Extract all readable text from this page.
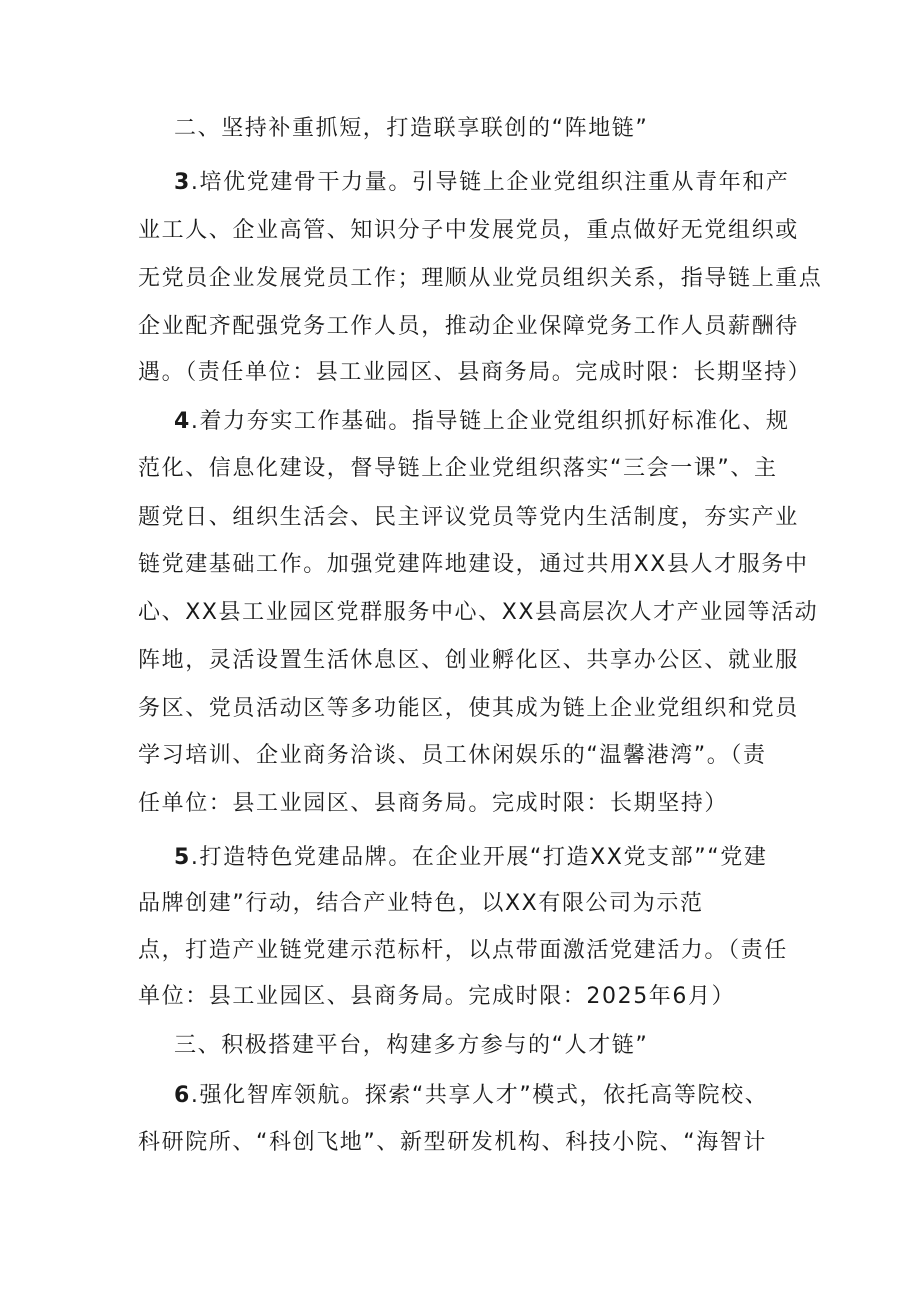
二、坚持补重抓短，打造联享联创的“阵地链”
3.培优党建骨干力量。引导链上企业党组织注重从青年和产
业工人、企业高管、知识分子中发展党员，重点做好无党组织或
无党员企业发展党员工作；理顺从业党员组织关系，指导链上重点
企业配齐配强党务工作人员，推动企业保障党务工作人员薪酬待
遇。（责任单位：县工业园区、县商务局。完成时限：长期坚持）
4.着力夯实工作基础。指导链上企业党组织抓好标准化、规
范化、信息化建设，督导链上企业党组织落实“三会一课”、主
题党日、组织生活会、民主评议党员等党内生活制度，夯实产业
链党建基础工作。加强党建阵地建设，通过共用XX县人才服务中
心、XX县工业园区党群服务中心、XX县高层次人才产业园等活动
阵地，灵活设置生活休息区、创业孵化区、共享办公区、就业服
务区、党员活动区等多功能区，使其成为链上企业党组织和党员
学习培训、企业商务洽谈、员工休闲娱乐的“温馨港湾”。（责
任单位：县工业园区、县商务局。完成时限：长期坚持）
5.打造特色党建品牌。在企业开展“打造XX党支部”“党建
品牌创建”行动，结合产业特色，以XX有限公司为示范
点，打造产业链党建示范标杆，以点带面激活党建活力。（责任
单位：县工业园区、县商务局。完成时限：2025年6月）
三、积极搭建平台，构建多方参与的“人才链”
6.强化智库领航。探索“共享人才”模式，依托高等院校、
科研院所、“科创飞地”、新型研发机构、科技小院、“海智计
